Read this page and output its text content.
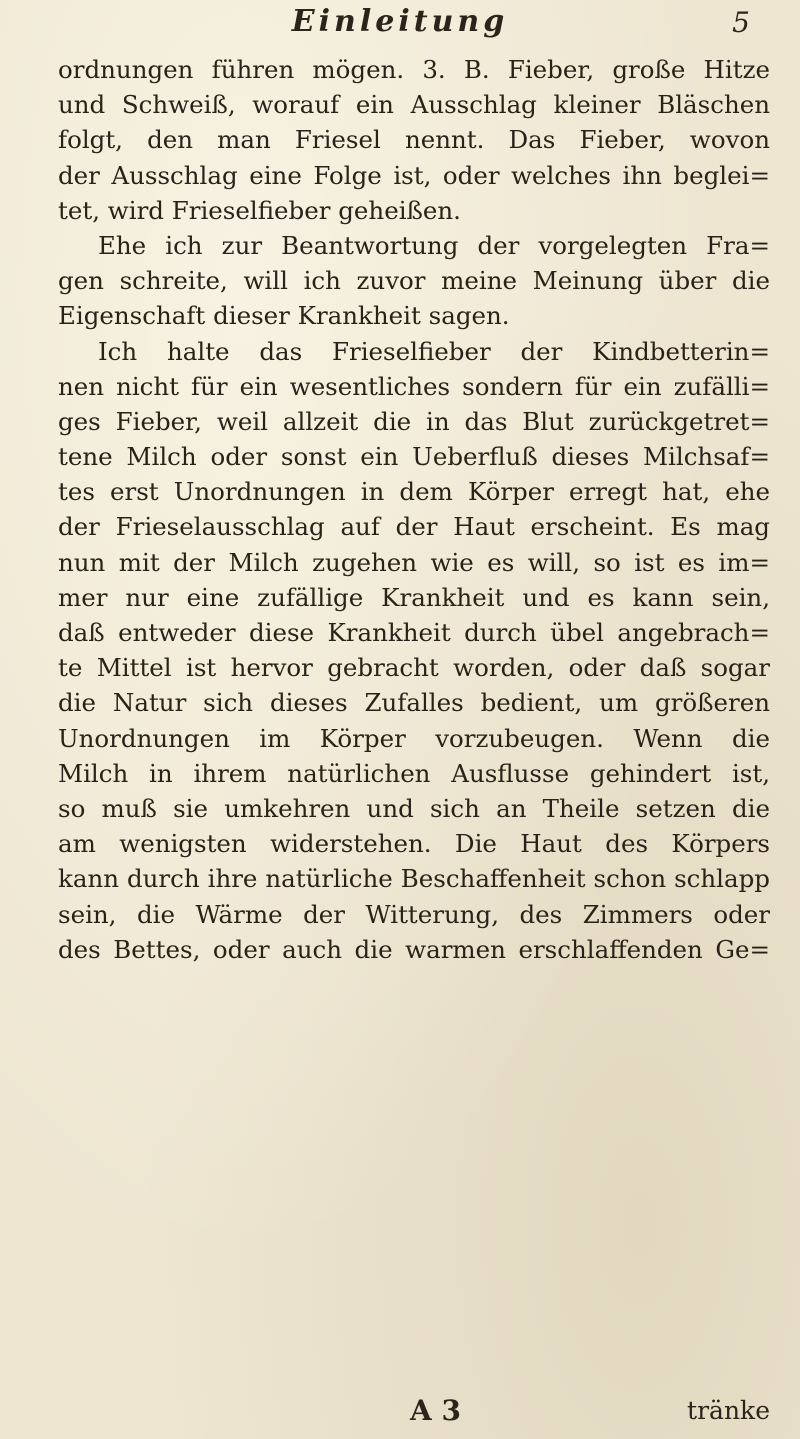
Einleitung	5
ordnungen führen mögen. 3. B. Fieber, große Hitze
und Schweiß, worauf ein Ausschlag kleiner Bläschen
folgt, den man Friesel nennt. Das Fieber, wovon
der Ausschlag eine Folge ist, oder welches ihn beglei=
tet, wird Frieselfieber geheißen.
Ehe ich zur Beantwortung der vorgelegten Fra=
gen schreite, will ich zuvor meine Meinung über die
Eigenschaft dieser Krankheit sagen.
Ich halte das Frieselfieber der Kindbetterin=
nen nicht für ein wesentliches sondern für ein zufälli=
ges Fieber, weil allzeit die in das Blut zurückgetret=
tene Milch oder sonst ein Ueberfluß dieses Milchsaf=
tes erst Unordnungen in dem Körper erregt hat, ehe
der Frieselausschlag auf der Haut erscheint. Es mag
nun mit der Milch zugehen wie es will, so ist es im=
mer nur eine zufällige Krankheit und es kann sein,
daß entweder diese Krankheit durch übel angebrach=
te Mittel ist hervor gebracht worden, oder daß sogar
die Natur sich dieses Zufalles bedient, um größeren
Unordnungen im Körper vorzubeugen. Wenn die
Milch in ihrem natürlichen Ausflusse gehindert ist,
so muß sie umkehren und sich an Theile setzen die
am wenigsten widerstehen. Die Haut des Körpers
kann durch ihre natürliche Beschaffenheit schon schlapp
sein, die Wärme der Witterung, des Zimmers oder
des Bettes, oder auch die warmen erschlaffenden Ge=
A 3	tränke
